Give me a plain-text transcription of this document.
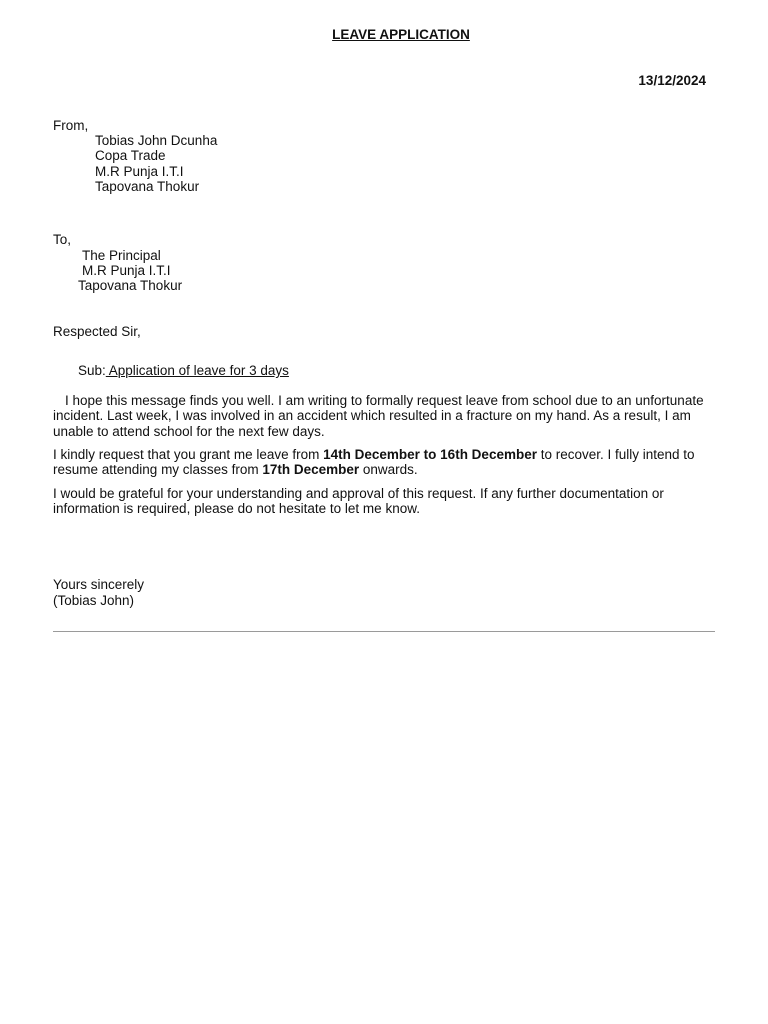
LEAVE APPLICATION
13/12/2024
From,
Tobias John Dcunha
Copa Trade
M.R Punja I.T.I
Tapovana Thokur
To,
The Principal
M.R Punja I.T.I
Tapovana Thokur
Respected Sir,
Sub: Application of leave for 3 days
I hope this message finds you well. I am writing to formally request leave from school due to an unfortunate incident. Last week, I was involved in an accident which resulted in a fracture on my hand. As a result, I am unable to attend school for the next few days.
I kindly request that you grant me leave from 14th December to 16th December to recover. I fully intend to resume attending my classes from 17th December onwards.
I would be grateful for your understanding and approval of this request. If any further documentation or information is required, please do not hesitate to let me know.
Yours sincerely
(Tobias John)
